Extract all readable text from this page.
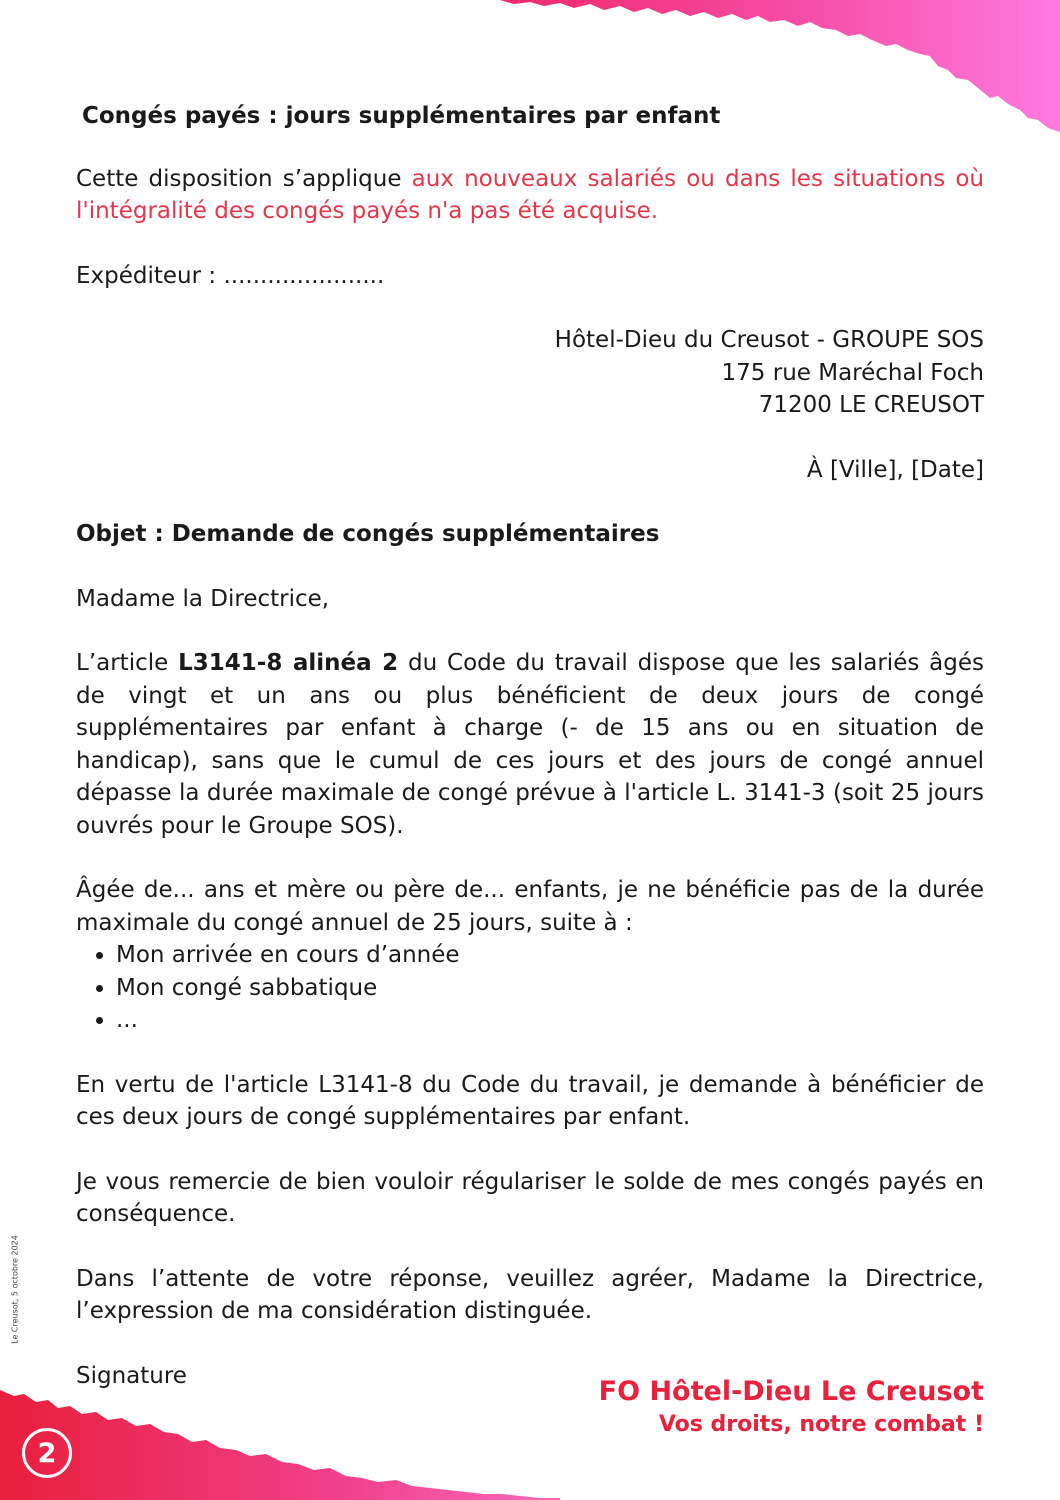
2
Le Creusot, 5 octobre 2024
Congés payés : jours supplémentaires par enfant

Cette disposition s’applique aux nouveaux salariés ou dans les situations où l'intégralité des congés payés n'a pas été acquise.

Expéditeur : ......................

Hôtel-Dieu du Creusot - GROUPE SOS
175 rue Maréchal Foch
71200 LE CREUSOT

À [Ville], [Date]

Objet : Demande de congés supplémentaires

Madame la Directrice,

L’article L3141-8 alinéa 2 du Code du travail dispose que les salariés âgés de vingt et un ans ou plus bénéficient de deux jours de congé supplémentaires par enfant à charge (- de 15 ans ou en situation de handicap), sans que le cumul de ces jours et des jours de congé annuel dépasse la durée maximale de congé prévue à l'article L. 3141-3 (soit 25 jours ouvrés pour le Groupe SOS).

Âgée de... ans et mère ou père de... enfants, je ne bénéficie pas de la durée maximale du congé annuel de 25 jours, suite à :

• Mon arrivée en cours d’année
• Mon congé sabbatique
• ...

En vertu de l'article L3141-8 du Code du travail, je demande à bénéficier de ces deux jours de congé supplémentaires par enfant.

Je vous remercie de bien vouloir régulariser le solde de mes congés payés en conséquence.

Dans l’attente de votre réponse, veuillez agréer, Madame la Directrice, l’expression de ma considération distinguée.

Signature

FO Hôtel-Dieu Le Creusot
Vos droits, notre combat !
